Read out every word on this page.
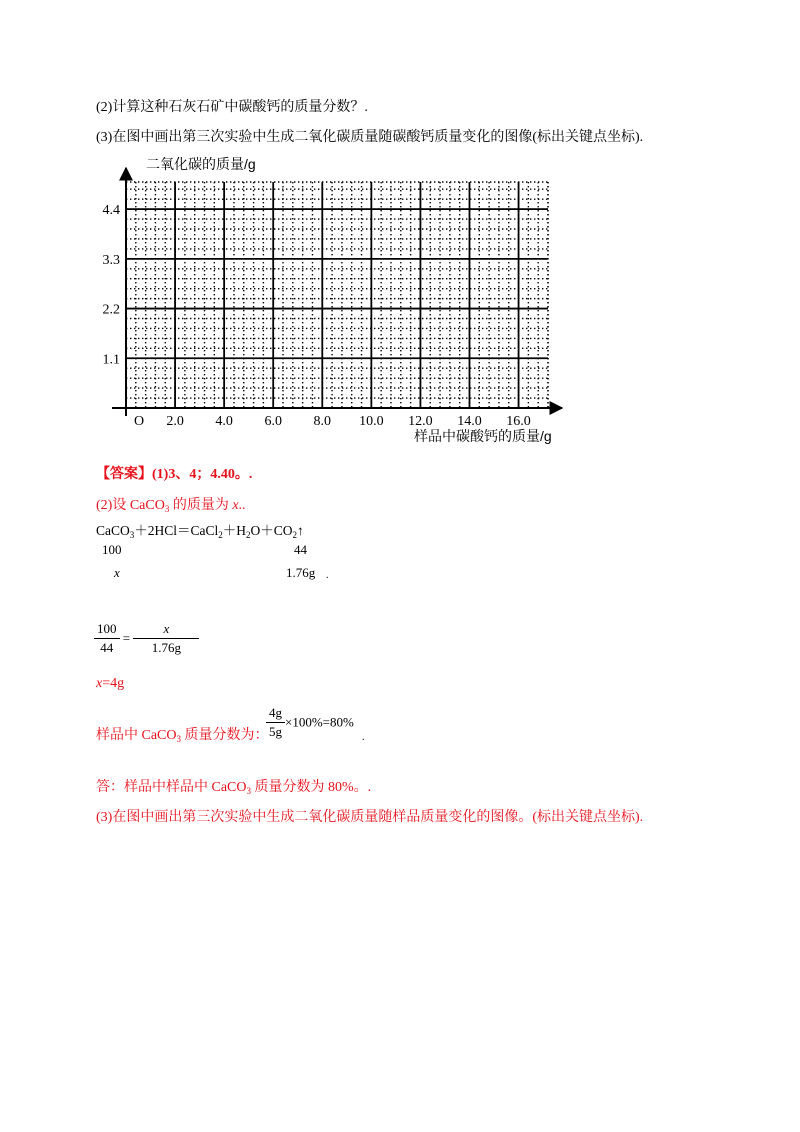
(2)计算这种石灰石矿中碳酸钙的质量分数？.
(3)在图中画出第三次实验中生成二氧化碳质量随碳酸钙质量变化的图像(标出关键点坐标).
O 2.0 4.0 6.0 8.0 10.0 12.0 14.0 16.0
1.1
2.2
3.3
4.4
二氧化碳的质量/g
样品中碳酸钙的质量/g
【答案】(1)3、4；4.40。.
(2)设 CaCO$_3$ 的质量为 x..
$CaCO_3+2HCl=CaCl_2+H_2O+CO_2↑$
100	44
x	1.76g .
$\frac{100}{44} = \frac{x}{1.76g}$
x=4g
样品中 CaCO$_3$ 质量分数为：
$\frac{4g}{5g} \times 100\%=80\%$
.
答：样品中样品中 CaCO$_3$ 质量分数为 80%。.
(3)在图中画出第三次实验中生成二氧化碳质量随样品质量变化的图像。(标出关键点坐标).
